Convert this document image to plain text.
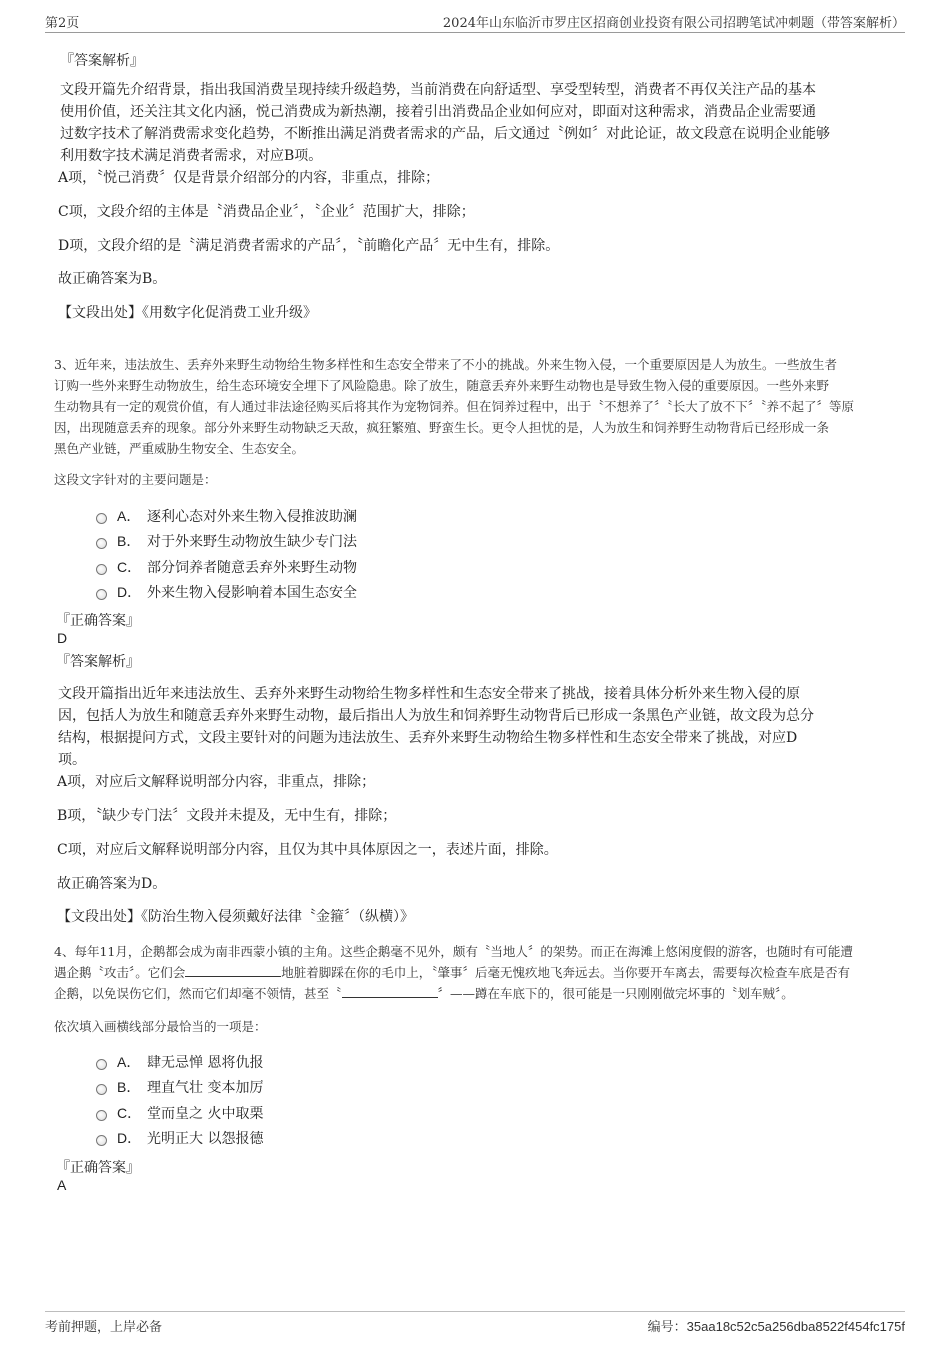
第2页	2024年山东临沂市罗庄区招商创业投资有限公司招聘笔试冲刺题（带答案解析）
『答案解析』
文段开篇先介绍背景，指出我国消费呈现持续升级趋势，当前消费在向舒适型、享受型转型，消费者不再仅关注产品的基本
使用价值，还关注其文化内涵，悦己消费成为新热潮，接着引出消费品企业如何应对，即面对这种需求，消费品企业需要通
过数字技术了解消费需求变化趋势，不断推出满足消费者需求的产品，后文通过〝例如〞对此论证，故文段意在说明企业能够
利用数字技术满足消费者需求，对应B项。
A项，〝悦己消费〞仅是背景介绍部分的内容，非重点，排除；
C项，文段介绍的主体是〝消费品企业〞，〝企业〞范围扩大，排除；
D项，文段介绍的是〝满足消费者需求的产品〞，〝前瞻化产品〞无中生有，排除。
故正确答案为B。
【文段出处】《用数字化促消费工业升级》
3、近年来，违法放生、丢弃外来野生动物给生物多样性和生态安全带来了不小的挑战。外来生物入侵，一个重要原因是人为放生。一些放生者
订购一些外来野生动物放生，给生态环境安全埋下了风险隐患。除了放生，随意丢弃外来野生动物也是导致生物入侵的重要原因。一些外来野
生动物具有一定的观赏价值，有人通过非法途径购买后将其作为宠物饲养。但在饲养过程中，出于〝不想养了〞〝长大了放不下〞〝养不起了〞等原
因，出现随意丢弃的现象。部分外来野生动物缺乏天敌，疯狂繁殖、野蛮生长。更令人担忧的是，人为放生和饲养野生动物背后已经形成一条
黑色产业链，严重威胁生物安全、生态安全。
这段文字针对的主要问题是：
A． 逐利心态对外来生物入侵推波助澜
B． 对于外来野生动物放生缺少专门法
C． 部分饲养者随意丢弃外来野生动物
D． 外来生物入侵影响着本国生态安全
『正确答案』
D
『答案解析』
文段开篇指出近年来违法放生、丢弃外来野生动物给生物多样性和生态安全带来了挑战，接着具体分析外来生物入侵的原
因，包括人为放生和随意丢弃外来野生动物，最后指出人为放生和饲养野生动物背后已形成一条黑色产业链，故文段为总分
结构，根据提问方式，文段主要针对的问题为违法放生、丢弃外来野生动物给生物多样性和生态安全带来了挑战，对应D
项。
A项，对应后文解释说明部分内容，非重点，排除；
B项，〝缺少专门法〞文段并未提及，无中生有，排除；
C项，对应后文解释说明部分内容，且仅为其中具体原因之一，表述片面，排除。
故正确答案为D。
【文段出处】《防治生物入侵须戴好法律〝金箍〞（纵横）》
4、每年11月，企鹅都会成为南非西蒙小镇的主角。这些企鹅毫不见外，颇有〝当地人〞的架势。而正在海滩上悠闲度假的游客，也随时有可能遭
遇企鹅〝攻击〞。它们会	地脏着脚踩在你的毛巾上，〝肇事〞后毫无愧疚地飞奔远去。当你要开车离去，需要每次检查车底是否有
企鹅，以免误伤它们，然而它们却毫不领情，甚至〝	〞——蹲在车底下的，很可能是一只刚刚做完坏事的〝划车贼〞。
依次填入画横线部分最恰当的一项是：
A． 肆无忌惮 恩将仇报
B． 理直气壮 变本加厉
C． 堂而皇之 火中取栗
D． 光明正大 以怨报德
『正确答案』
A
考前押题，上岸必备	编号：35aa18c52c5a256dba8522f454fc175f
